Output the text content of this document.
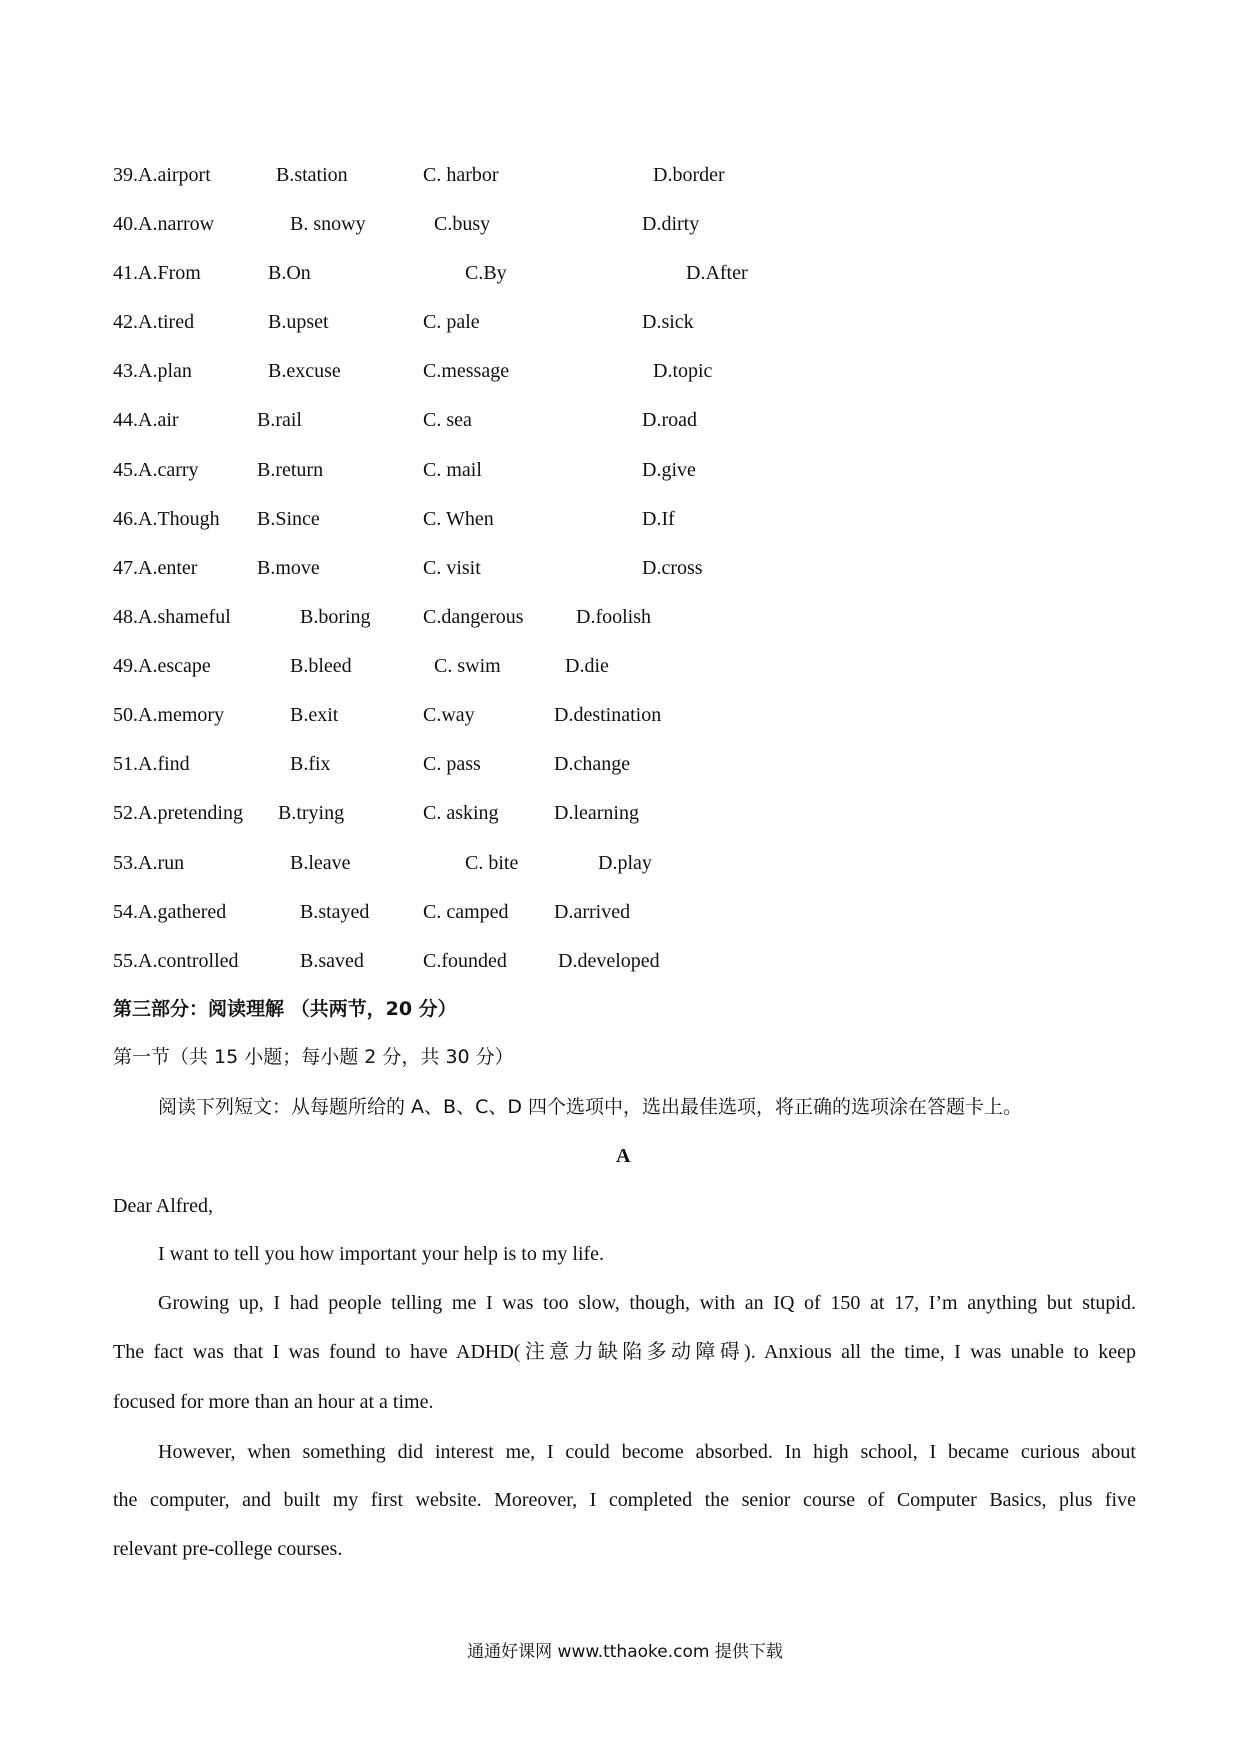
39.A.airport	B.station	C. harbor	D.border
40.A.narrow	B. snowy	C.busy	D.dirty
41.A.From	B.On	C.By	D.After
42.A.tired	B.upset	C. pale	D.sick
43.A.plan	B.excuse	C.message	D.topic
44.A.air	B.rail	C. sea	D.road
45.A.carry	B.return	C. mail	D.give
46.A.Though B.Since	C. When	D.If
47.A.enter	B.move	C. visit	D.cross
48.A.shameful	B.boring	C.dangerous	D.foolish
49.A.escape	B.bleed	C. swim	D.die
50.A.memory	B.exit	C.way	D.destination
51.A.find	B.fix	C. pass	D.change
52.A.pretending B.trying	C. asking	D.learning
53.A.run	B.leave	C. bite	D.play
54.A.gathered	B.stayed	C. camped D.arrived
55.A.controlled	B.saved	C.founded	D.developed
第三部分：阅读理解 （共两节，20 分）
第一节（共 15 小题；每小题 2 分，共 30 分）
阅读下列短文：从每题所给的 A、B、C、D 四个选项中，选出最佳选项，将正确的选项涂在答题卡上。
A
Dear Alfred,
I want to tell you how important your help is to my life.
Growing up, I had people telling me I was too slow, though, with an IQ of 150 at 17, I’m anything but stupid.
The fact was that I was found to have ADHD(注意力缺陷多动障碍). Anxious all the time, I was unable to keep
focused for more than an hour at a time.
However, when something did interest me, I could become absorbed. In high school, I became curious about
the computer, and built my first website. Moreover, I completed the senior course of Computer Basics, plus five
relevant pre-college courses.
通通好课网 www.tthaoke.com 提供下载
